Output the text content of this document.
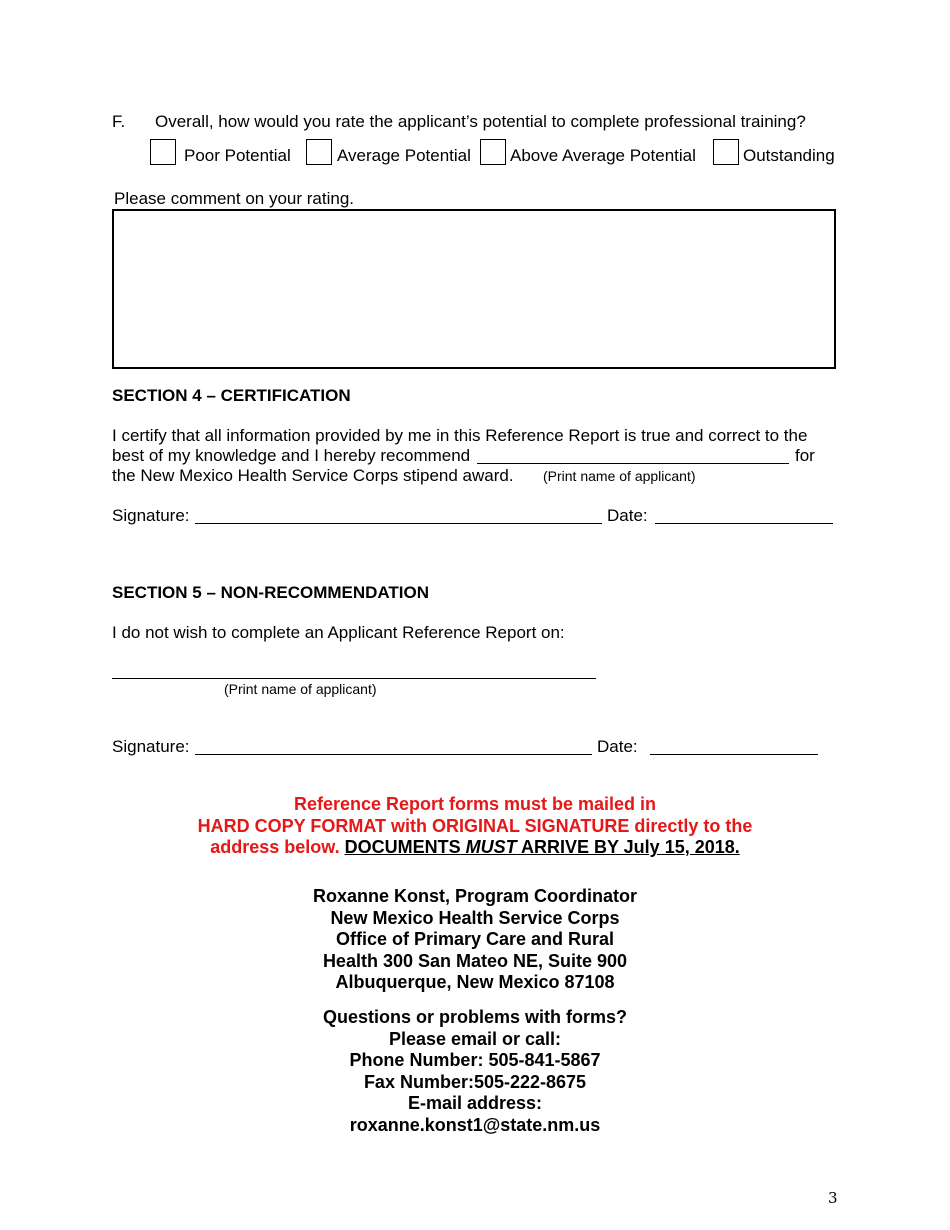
F. Overall, how would you rate the applicant’s potential to complete professional training?
Poor Potential	Average Potential Above Average Potential	Outstanding
Please comment on your rating.
SECTION 4 – CERTIFICATION
I certify that all information provided by me in this Reference Report is true and correct to the
best of my knowledge and I hereby recommend	for
the New Mexico Health Service Corps stipend award. (Print name of applicant)
Signature:	Date:
SECTION 5 – NON-RECOMMENDATION
I do not wish to complete an Applicant Reference Report on:
(Print name of applicant)
Signature:	Date:
Reference Report forms must be mailed in
HARD COPY FORMAT with ORIGINAL SIGNATURE directly to the
address below. DOCUMENTS MUST ARRIVE BY July 15, 2018.
Roxanne Konst, Program Coordinator
New Mexico Health Service Corps
Office of Primary Care and Rural
Health 300 San Mateo NE, Suite 900
Albuquerque, New Mexico 87108
Questions or problems with forms?
Please email or call:
Phone Number: 505-841-5867
Fax Number:505-222-8675
E-mail address:
roxanne.konst1@state.nm.us
3
